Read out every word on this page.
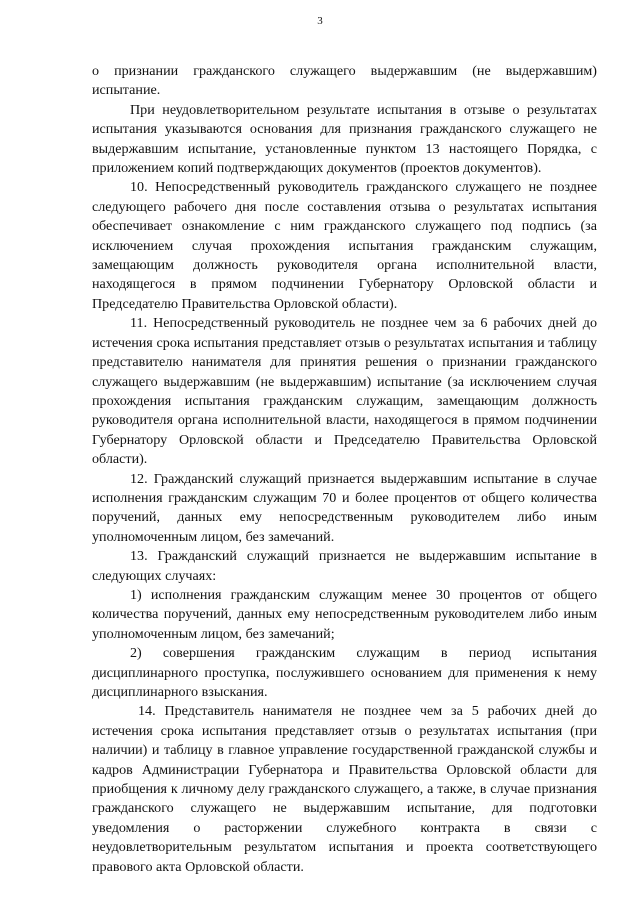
3

о признании гражданского служащего выдержавшим (не выдержавшим) испытание.

При неудовлетворительном результате испытания в отзыве о результатах испытания указываются основания для признания гражданского служащего не выдержавшим испытание, установленные пунктом 13 настоящего Порядка, с приложением копий подтверждающих документов (проектов документов).

10. Непосредственный руководитель гражданского служащего не позднее следующего рабочего дня после составления отзыва о результатах испытания обеспечивает ознакомление с ним гражданского служащего под подпись (за исключением случая прохождения испытания гражданским служащим, замещающим должность руководителя органа исполнительной власти, находящегося в прямом подчинении Губернатору Орловской области и Председателю Правительства Орловской области).

11. Непосредственный руководитель не позднее чем за 6 рабочих дней до истечения срока испытания представляет отзыв о результатах испытания и таблицу представителю нанимателя для принятия решения о признании гражданского служащего выдержавшим (не выдержавшим) испытание (за исключением случая прохождения испытания гражданским служащим, замещающим должность руководителя органа исполнительной власти, находящегося в прямом подчинении Губернатору Орловской области и Председателю Правительства Орловской области).

12. Гражданский служащий признается выдержавшим испытание в случае исполнения гражданским служащим 70 и более процентов от общего количества поручений, данных ему непосредственным руководителем либо иным уполномоченным лицом, без замечаний.

13. Гражданский служащий признается не выдержавшим испытание в следующих случаях:

1) исполнения гражданским служащим менее 30 процентов от общего количества поручений, данных ему непосредственным руководителем либо иным уполномоченным лицом, без замечаний;

2) совершения гражданским служащим в период испытания дисциплинарного проступка, послужившего основанием для применения к нему дисциплинарного взыскания.

14. Представитель нанимателя не позднее чем за 5 рабочих дней до истечения срока испытания представляет отзыв о результатах испытания (при наличии) и таблицу в главное управление государственной гражданской службы и кадров Администрации Губернатора и Правительства Орловской области для приобщения к личному делу гражданского служащего, а также, в случае признания гражданского служащего не выдержавшим испытание, для подготовки уведомления о расторжении служебного контракта в связи с неудовлетворительным результатом испытания и проекта соответствующего правового акта Орловской области.
